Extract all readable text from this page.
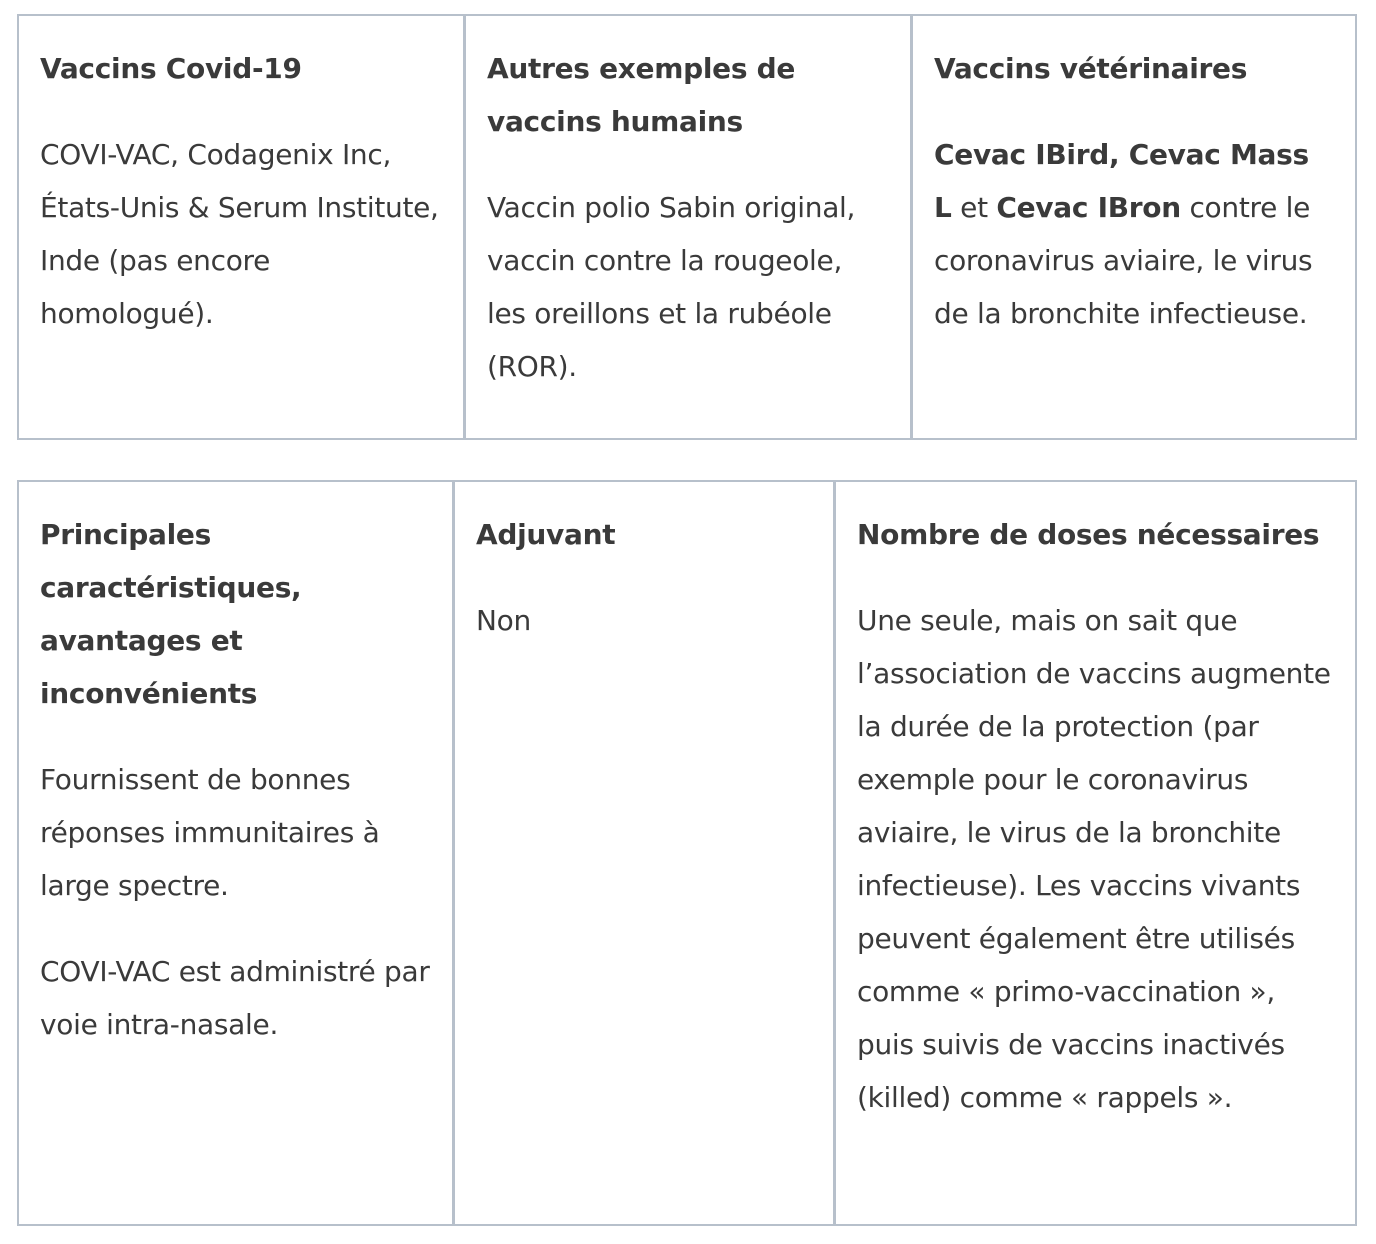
Vaccins Covid-19

COVI-VAC, Codagenix Inc, États-Unis & Serum Institute, Inde (pas encore homologué).

Autres exemples de vaccins humains

Vaccin polio Sabin original, vaccin contre la rougeole, les oreillons et la rubéole (ROR).

Vaccins vétérinaires

Cevac IBird, Cevac Mass L et Cevac IBron contre le coronavirus aviaire, le virus de la bronchite infectieuse.

Principales caractéristiques, avantages et inconvénients

Fournissent de bonnes réponses immunitaires à large spectre.

COVI-VAC est administré par voie intra-nasale.

Adjuvant

Non

Nombre de doses nécessaires

Une seule, mais on sait que l’association de vaccins augmente la durée de la protection (par exemple pour le coronavirus aviaire, le virus de la bronchite infectieuse). Les vaccins vivants peuvent également être utilisés comme « primo-vaccination », puis suivis de vaccins inactivés (killed) comme « rappels ».
